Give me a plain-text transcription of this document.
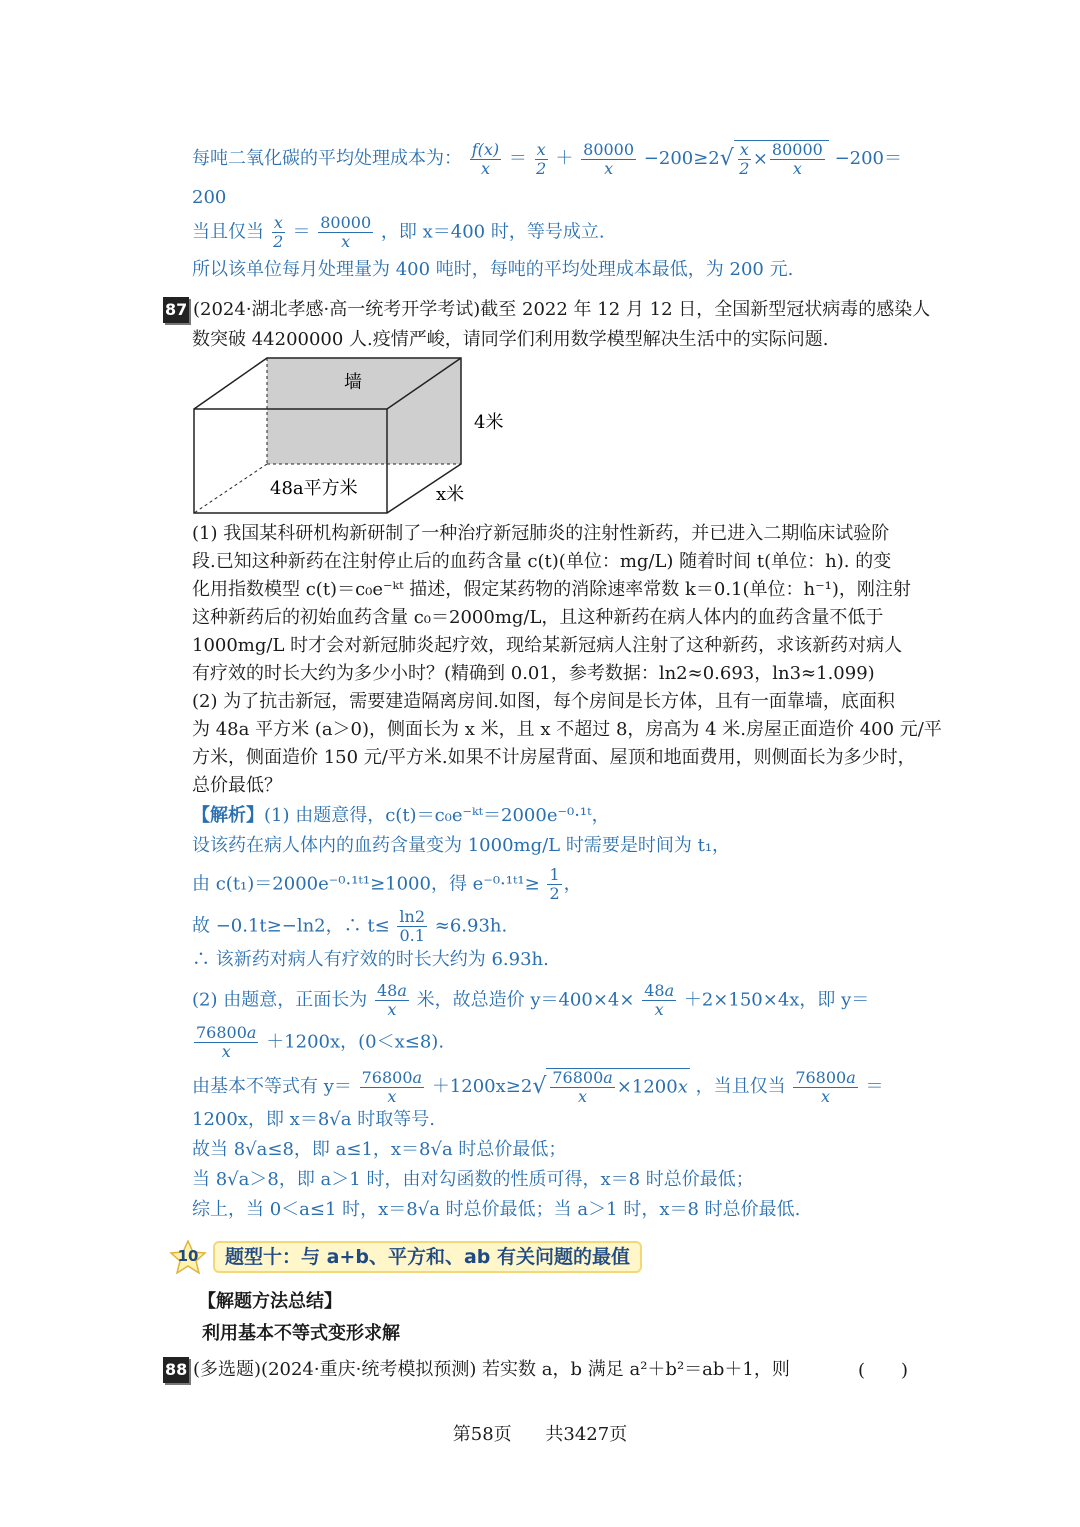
每吨二氧化碳的平均处理成本为： $\frac{f(x)}{x} = \frac{x}{2} + \frac{80000}{x} -200\ge 2√ \frac{x}{2} \times \frac{80000}{x} -200=$
200
当且仅当 $\frac{x}{2} = \frac{80000}{x}$ ，即 x＝400 时，等号成立.
所以该单位每月处理量为 400 吨时，每吨的平均处理成本最低，为 200 元.
87 (2024·湖北孝感·高一统考开学考试)截至 2022 年 12 月 12 日，全国新型冠状病毒的感染人
数突破 44200000 人.疫情严峻，请同学们利用数学模型解决生活中的实际问题.
墙
4米
48a平方米	x米
(1) 我国某科研机构新研制了一种治疗新冠肺炎的注射性新药，并已进入二期临床试验阶
段.已知这种新药在注射停止后的血药含量 c(t)(单位：mg/L) 随着时间 t(单位：h). 的变
化用指数模型 c(t)＝c₀e⁻ᵏᵗ 描述，假定某药物的消除速率常数 k＝0.1(单位：h⁻¹)，刚注射
这种新药后的初始血药含量 c₀＝2000mg/L，且这种新药在病人体内的血药含量不低于
1000mg/L 时才会对新冠肺炎起疗效，现给某新冠病人注射了这种新药，求该新药对病人
有疗效的时长大约为多少小时？(精确到 0.01，参考数据：ln2≈0.693，ln3≈1.099)
(2) 为了抗击新冠，需要建造隔离房间.如图，每个房间是长方体，且有一面靠墙，底面积
为 48a 平方米 (a＞0)，侧面长为 x 米，且 x 不超过 8，房高为 4 米.房屋正面造价 400 元/平
方米，侧面造价 150 元/平方米.如果不计房屋背面、屋顶和地面费用，则侧面长为多少时，
总价最低？
【解析】(1) 由题意得，c(t)＝c₀e⁻ᵏᵗ＝2000e⁻⁰·¹ᵗ，
设该药在病人体内的血药含量变为 1000mg/L 时需要是时间为 t₁，
由 c(t₁)＝2000e⁻⁰·¹ᵗ¹≥1000，得 e⁻⁰·¹ᵗ¹≥ $\frac{1}{2}$ ，
故 −0.1t≥−ln2，∴ $t\le \frac{\ln 2}{0.1} \approx 6.93h$.
∴ 该新药对病人有疗效的时长大约为 6.93h.
(2) 由题意，正面长为 $\frac{48a}{x}$ 米，故总造价 $y=400\times 4\times \frac{48a}{x} +2\times 150\times 4x$，即 y＝
$\frac{76800a}{x} +1200x$，(0＜x≤8).
由基本不等式有 $y= \frac{76800a}{x} +1200x\ge 2√ \frac{76800a}{x} \times 1200x$ ，当且仅当 $\frac{76800a}{x}$ ＝
1200x，即 x＝8√a 时取等号.
故当 8√a≤8，即 a≤1，x＝8√a 时总价最低；
当 8√a＞8，即 a＞1 时，由对勾函数的性质可得，x＝8 时总价最低；
综上，当 0＜a≤1 时，x＝8√a 时总价最低；当 a＞1 时，x＝8 时总价最低.
10	题型十：与 a+b、平方和、ab 有关问题的最值
【解题方法总结】
利用基本不等式变形求解
88 (多选题)(2024·重庆·统考模拟预测) 若实数 a，b 满足 a²＋b²＝ab＋1，则	(　　)
第58页 共3427页
